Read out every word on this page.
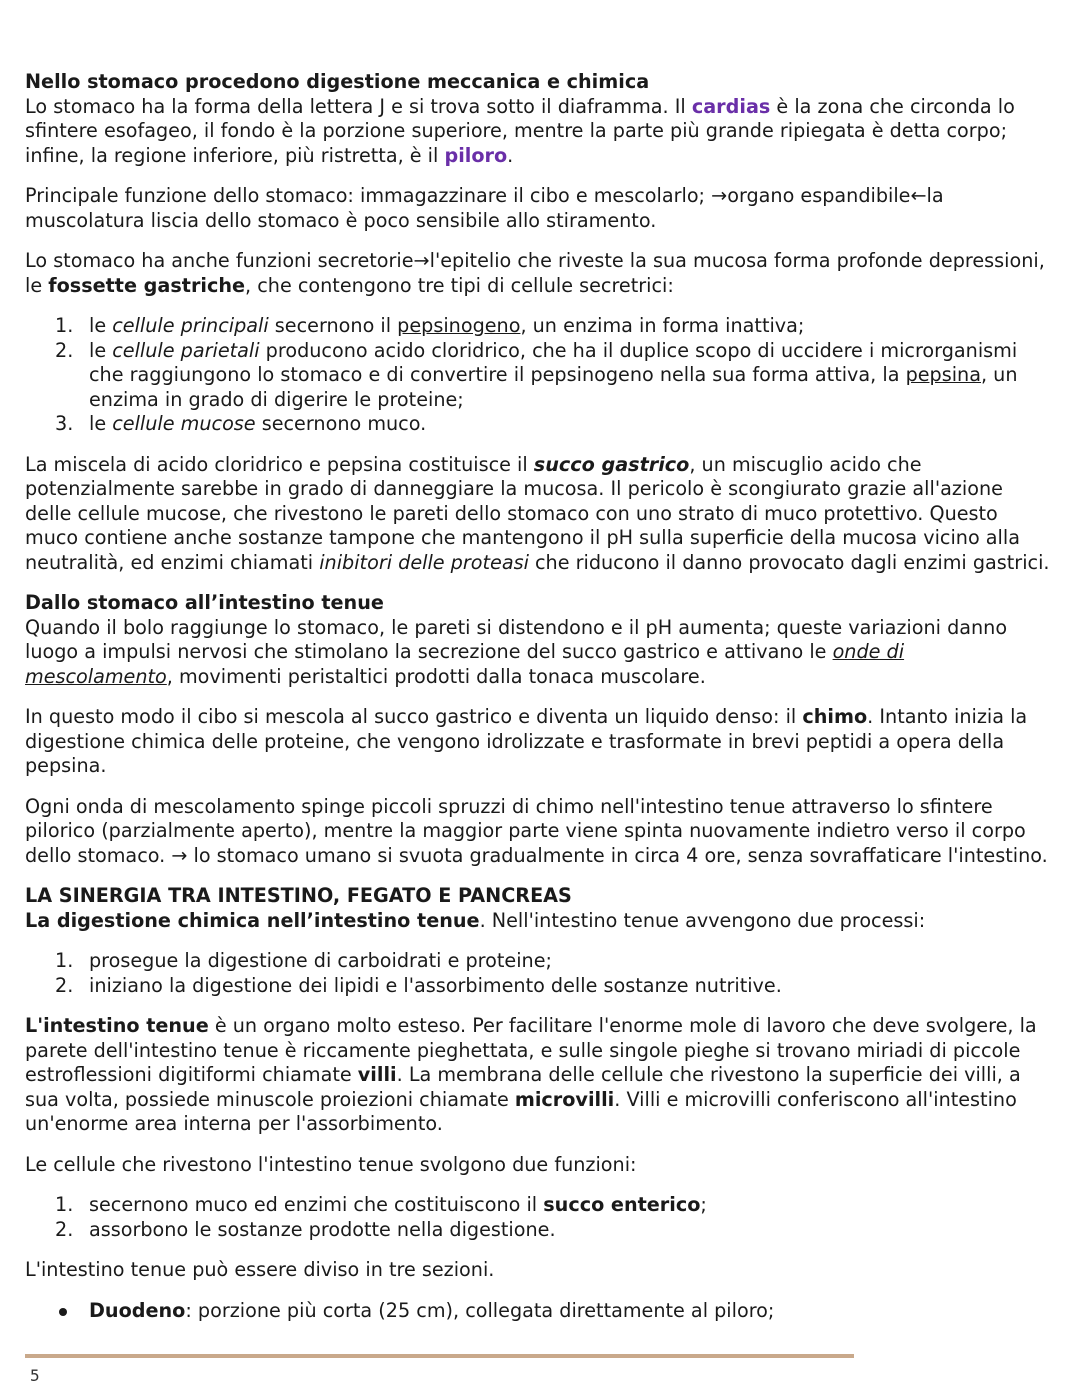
Nello stomaco procedono digestione meccanica e chimica

Lo stomaco ha la forma della lettera J e si trova sotto il diaframma. Il cardias è la zona che circonda lo sfintere esofageo, il fondo è la porzione superiore, mentre la parte più grande ripiegata è detta corpo; infine, la regione inferiore, più ristretta, è il piloro.

Principale funzione dello stomaco: immagazzinare il cibo e mescolarlo; →organo espandibile←la muscolatura liscia dello stomaco è poco sensibile allo stiramento.

Lo stomaco ha anche funzioni secretorie→l'epitelio che riveste la sua mucosa forma profonde depressioni, le fossette gastriche, che contengono tre tipi di cellule secretrici:

1. le cellule principali secernono il pepsinogeno, un enzima in forma inattiva;
2. le cellule parietali producono acido cloridrico, che ha il duplice scopo di uccidere i microrganismi che raggiungono lo stomaco e di convertire il pepsinogeno nella sua forma attiva, la pepsina, un enzima in grado di digerire le proteine;
3. le cellule mucose secernono muco.

La miscela di acido cloridrico e pepsina costituisce il succo gastrico, un miscuglio acido che potenzialmente sarebbe in grado di danneggiare la mucosa. Il pericolo è scongiurato grazie all'azione delle cellule mucose, che rivestono le pareti dello stomaco con uno strato di muco protettivo. Questo muco contiene anche sostanze tampone che mantengono il pH sulla superficie della mucosa vicino alla neutralità, ed enzimi chiamati inibitori delle proteasi che riducono il danno provocato dagli enzimi gastrici.

Dallo stomaco all’intestino tenue

Quando il bolo raggiunge lo stomaco, le pareti si distendono e il pH aumenta; queste variazioni danno luogo a impulsi nervosi che stimolano la secrezione del succo gastrico e attivano le onde di mescolamento, movimenti peristaltici prodotti dalla tonaca muscolare.

In questo modo il cibo si mescola al succo gastrico e diventa un liquido denso: il chimo. Intanto inizia la digestione chimica delle proteine, che vengono idrolizzate e trasformate in brevi peptidi a opera della pepsina.

Ogni onda di mescolamento spinge piccoli spruzzi di chimo nell'intestino tenue attraverso lo sfintere pilorico (parzialmente aperto), mentre la maggior parte viene spinta nuovamente indietro verso il corpo dello stomaco. → lo stomaco umano si svuota gradualmente in circa 4 ore, senza sovraffaticare l'intestino.

LA SINERGIA TRA INTESTINO, FEGATO E PANCREAS

La digestione chimica nell’intestino tenue. Nell'intestino tenue avvengono due processi:

1. prosegue la digestione di carboidrati e proteine;
2. iniziano la digestione dei lipidi e l'assorbimento delle sostanze nutritive.

L'intestino tenue è un organo molto esteso. Per facilitare l'enorme mole di lavoro che deve svolgere, la parete dell'intestino tenue è riccamente pieghettata, e sulle singole pieghe si trovano miriadi di piccole estroflessioni digitiformi chiamate villi. La membrana delle cellule che rivestono la superficie dei villi, a sua volta, possiede minuscole proiezioni chiamate microvilli. Villi e microvilli conferiscono all'intestino un'enorme area interna per l'assorbimento.

Le cellule che rivestono l'intestino tenue svolgono due funzioni:

1. secernono muco ed enzimi che costituiscono il succo enterico;
2. assorbono le sostanze prodotte nella digestione.

L'intestino tenue può essere diviso in tre sezioni.

Duodeno: porzione più corta (25 cm), collegata direttamente al piloro;
5
